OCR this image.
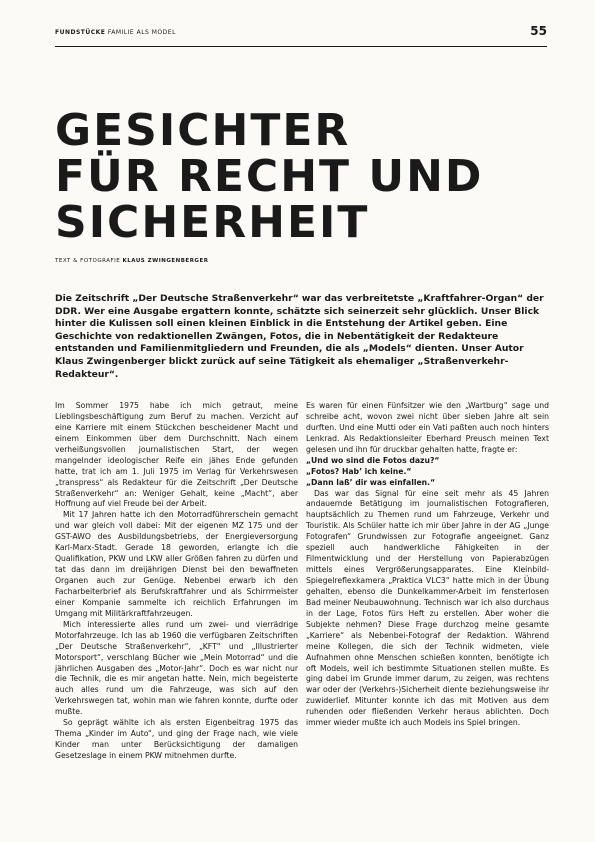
FUNDSTÜCKE FAMILIE ALS MODEL	55
GESICHTER
FÜR RECHT UND
SICHERHEIT
TEXT & FOTOGRAFIE KLAUS ZWINGENBERGER

Die Zeitschrift „Der Deutsche Straßenverkehr“ war das verbreitetste „Kraftfahrer-Organ“ der DDR. Wer eine Ausgabe ergattern konnte, schätzte sich seinerzeit sehr glücklich. Unser Blick hinter die Kulissen soll einen kleinen Einblick in die Entstehung der Artikel geben. Eine Geschichte von redaktionellen Zwängen, Fotos, die in Nebentätigkeit der Redakteure entstanden und Familienmitgliedern und Freunden, die als „Models“ dienten. Unser Autor Klaus Zwingenberger blickt zurück auf seine Tätigkeit als ehemaliger „Straßenverkehr-Redakteur“.

Im Sommer 1975 habe ich mich getraut, meine Lieblingsbeschäftigung zum Beruf zu machen. Verzicht auf eine Karriere mit einem Stückchen bescheidener Macht und einem Einkommen über dem Durchschnitt. Nach einem verheißungsvollen journalistischen Start, der wegen mangelnder ideologischer Reife ein jähes Ende gefunden hatte, trat ich am 1. Juli 1975 im Verlag für Verkehrswesen „transpress“ als Redakteur für die Zeitschrift „Der Deutsche Straßenverkehr“ an: Weniger Gehalt, keine „Macht“, aber Hoffnung auf viel Freude bei der Arbeit.

Mit 17 Jahren hatte ich den Motorradführerschein gemacht und war gleich voll dabei: Mit der eigenen MZ 175 und der GST-AWO des Ausbildungsbetriebs, der Energieversorgung Karl-Marx-Stadt. Gerade 18 geworden, erlangte ich die Qualifikation, PKW und LKW aller Größen fahren zu dürfen und tat das dann im dreijährigen Dienst bei den bewaffneten Organen auch zur Genüge. Nebenbei erwarb ich den Facharbeiterbrief als Berufskraftfahrer und als Schirrmeister einer Kompanie sammelte ich reichlich Erfahrungen im Umgang mit Militärkraftfahrzeugen.

Mich interessierte alles rund um zwei- und vierrädrige Motorfahrzeuge. Ich las ab 1960 die verfügbaren Zeitschriften „Der Deutsche Straßenverkehr“, „KFT“ und „Illustrierter Motorsport“, verschlang Bücher wie „Mein Motorrad“ und die jährlichen Ausgaben des „Motor-Jahr“. Doch es war nicht nur die Technik, die es mir angetan hatte. Nein, mich begeisterte auch alles rund um die Fahrzeuge, was sich auf den Verkehrswegen tat, wohin man wie fahren konnte, durfte oder mußte.

So geprägt wählte ich als ersten Eigenbeitrag 1975 das Thema „Kinder im Auto“, und ging der Frage nach, wie viele Kinder man unter Berücksichtigung der damaligen Gesetzeslage in einem PKW mitnehmen durfte.

Es waren für einen Fünfsitzer wie den „Wartburg“ sage und schreibe acht, wovon zwei nicht über sieben Jahre alt sein durften. Und eine Mutti oder ein Vati paßten auch noch hinters Lenkrad. Als Redaktionsleiter Eberhard Preusch meinen Text gelesen und ihn für druckbar gehalten hatte, fragte er:

„Und wo sind die Fotos dazu?“

„Fotos? Hab’ ich keine.“

„Dann laß’ dir was einfallen.“

Das war das Signal für eine seit mehr als 45 Jahren andauernde Betätigung im journalistischen Fotografieren, hauptsächlich zu Themen rund um Fahrzeuge, Verkehr und Touristik. Als Schüler hatte ich mir über Jahre in der AG „Junge Fotografen“ Grundwissen zur Fotografie angeeignet. Ganz speziell auch handwerkliche Fähigkeiten in der Filmentwicklung und der Herstellung von Papierabzügen mittels eines Vergrößerungsapparates. Eine Kleinbild-Spiegelreflexkamera „Praktica VLC3“ hatte mich in der Übung gehalten, ebenso die Dunkelkammer-Arbeit im fensterlosen Bad meiner Neubauwohnung. Technisch war ich also durchaus in der Lage, Fotos fürs Heft zu erstellen. Aber woher die Subjekte nehmen? Diese Frage durchzog meine gesamte „Karriere“ als Nebenbei-Fotograf der Redaktion. Während meine Kollegen, die sich der Technik widmeten, viele Aufnahmen ohne Menschen schießen konnten, benötigte ich oft Models, weil ich bestimmte Situationen stellen mußte. Es ging dabei im Grunde immer darum, zu zeigen, was rechtens war oder der (Verkehrs-)Sicherheit diente beziehungsweise ihr zuwiderlief. Mitunter konnte ich das mit Motiven aus dem ruhenden oder fließenden Verkehr heraus ablichten. Doch immer wieder mußte ich auch Models ins Spiel bringen.
